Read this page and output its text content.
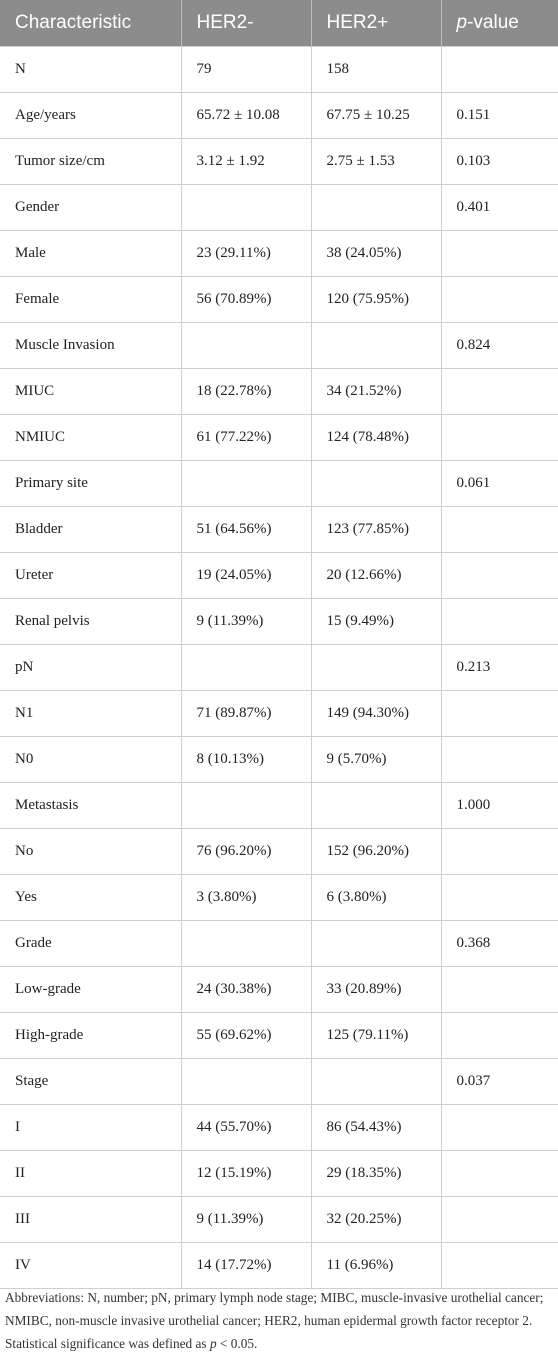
Characteristic	HER2-	HER2+	p-value
N	79	158	
Age/years	65.72 ± 10.08	67.75 ± 10.25	0.151
Tumor size/cm	3.12 ± 1.92	2.75 ± 1.53	0.103
Gender			0.401
Male	23 (29.11%)	38 (24.05%)	
Female	56 (70.89%)	120 (75.95%)	
Muscle Invasion			0.824
MIUC	18 (22.78%)	34 (21.52%)	
NMIUC	61 (77.22%)	124 (78.48%)	
Primary site			0.061
Bladder	51 (64.56%)	123 (77.85%)	
Ureter	19 (24.05%)	20 (12.66%)	
Renal pelvis	9 (11.39%)	15 (9.49%)	
pN			0.213
N1	71 (89.87%)	149 (94.30%)	
N0	8 (10.13%)	9 (5.70%)	
Metastasis			1.000
No	76 (96.20%)	152 (96.20%)	
Yes	3 (3.80%)	6 (3.80%)	
Grade			0.368
Low-grade	24 (30.38%)	33 (20.89%)	
High-grade	55 (69.62%)	125 (79.11%)	
Stage			0.037
I	44 (55.70%)	86 (54.43%)	
II	12 (15.19%)	29 (18.35%)	
III	9 (11.39%)	32 (20.25%)	
IV	14 (17.72%)	11 (6.96%)	
Abbreviations: N, number; pN, primary lymph node stage; MIBC, muscle-invasive urothelial cancer; NMIBC, non-muscle invasive urothelial cancer; HER2, human epidermal growth factor receptor 2. Statistical significance was defined as p < 0.05.
